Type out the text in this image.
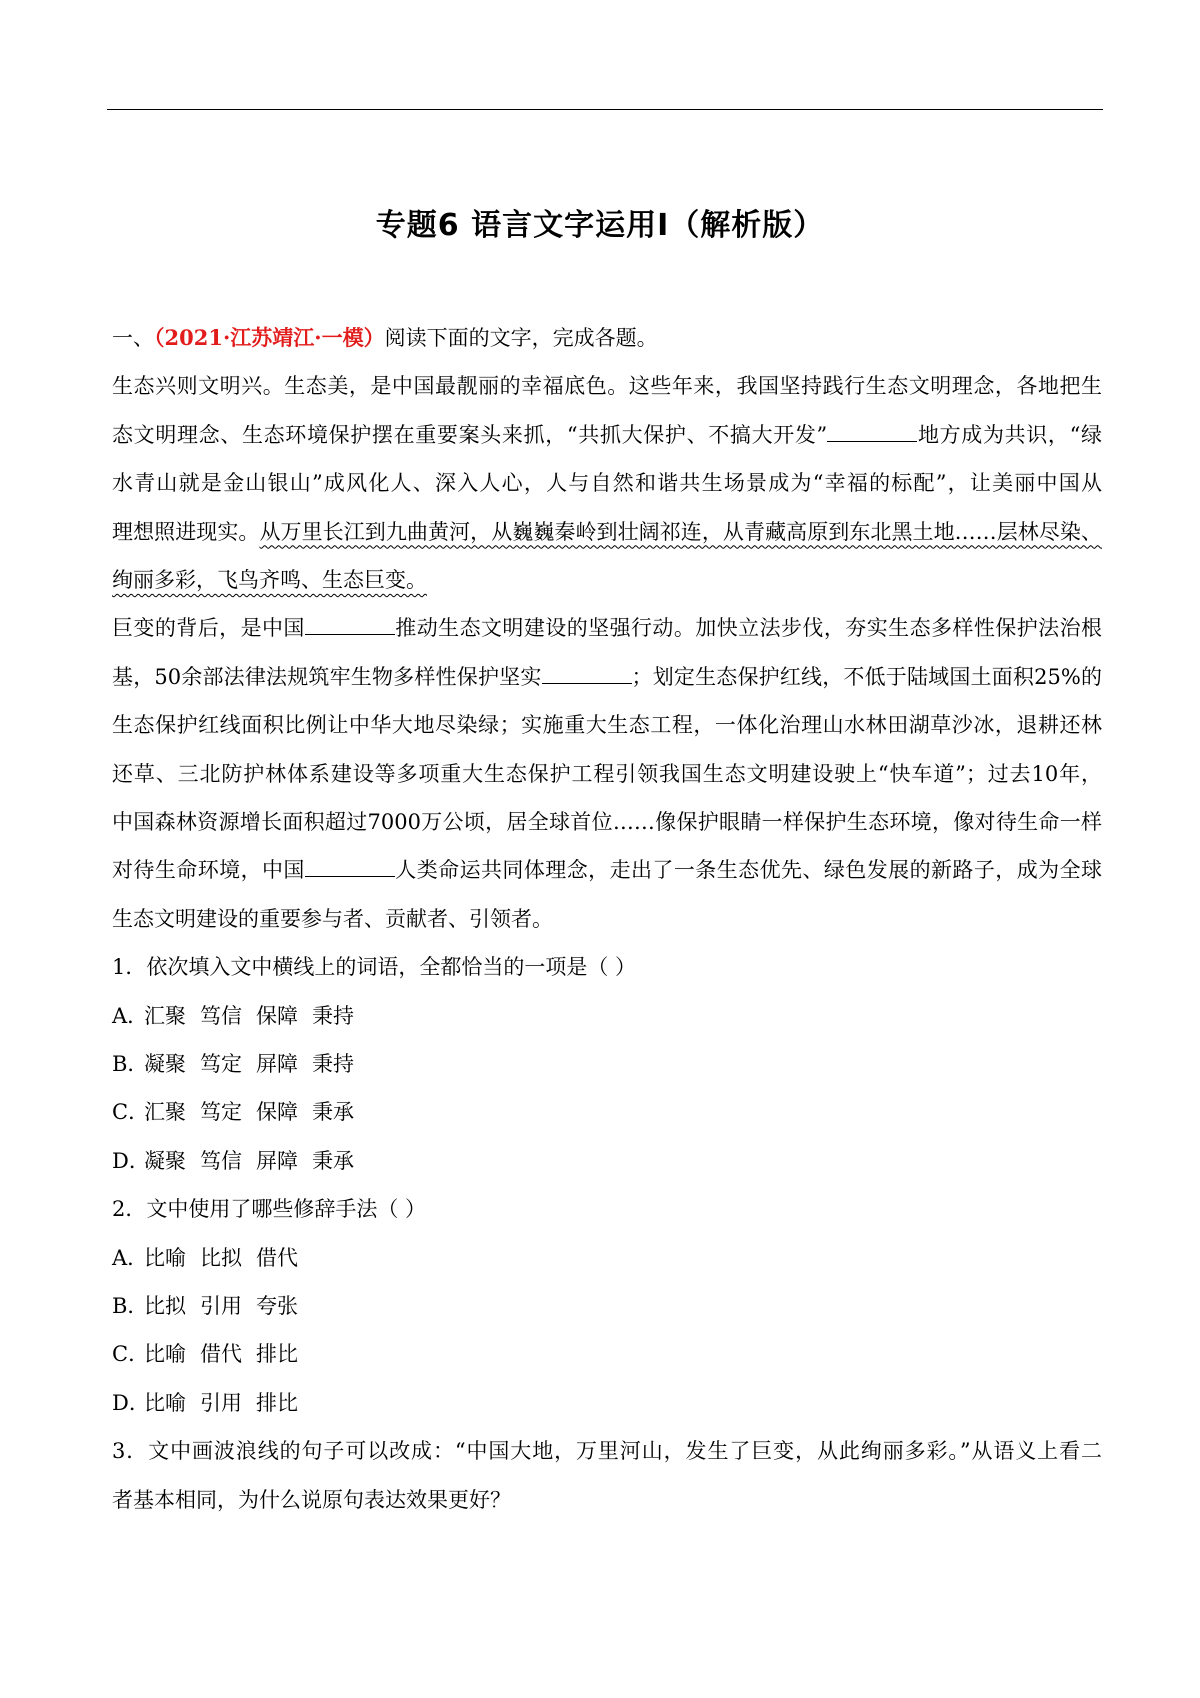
专题6 语言文字运用Ⅰ（解析版）
一、（2021·江苏靖江·一模）阅读下面的文字，完成各题。
生态兴则文明兴。生态美，是中国最靓丽的幸福底色。这些年来，我国坚持践行生态文明理念，各地把生
态文明理念、生态环境保护摆在重要案头来抓，“共抓大保护、不搞大开发”	地方成为共识，“绿
水青山就是金山银山”成风化人、深入人心，人与自然和谐共生场景成为“幸福的标配”，让美丽中国从
理想照进现实。从万里长江到九曲黄河，从巍巍秦岭到壮阔祁连，从青藏高原到东北黑土地……层林尽染、
绚丽多彩，飞鸟齐鸣、生态巨变。
巨变的背后，是中国	推动生态文明建设的坚强行动。加快立法步伐，夯实生态多样性保护法治根
基，50余部法律法规筑牢生物多样性保护坚实	；划定生态保护红线，不低于陆域国土面积25%的
生态保护红线面积比例让中华大地尽染绿；实施重大生态工程，一体化治理山水林田湖草沙冰，退耕还林
还草、三北防护林体系建设等多项重大生态保护工程引领我国生态文明建设驶上“快车道”；过去10年，
中国森林资源增长面积超过7000万公顷，居全球首位……像保护眼睛一样保护生态环境，像对待生命一样
对待生命环境，中国	人类命运共同体理念，走出了一条生态优先、绿色发展的新路子，成为全球
生态文明建设的重要参与者、贡献者、引领者。
1．依次填入文中横线上的词语，全都恰当的一项是（ ）
A．汇聚 笃信 保障 秉持
B．凝聚 笃定 屏障 秉持
C．汇聚 笃定 保障 秉承
D．凝聚 笃信 屏障 秉承
2．文中使用了哪些修辞手法（ ）
A．比喻 比拟 借代
B．比拟 引用 夸张
C．比喻 借代 排比
D．比喻 引用 排比
3．文中画波浪线的句子可以改成：“中国大地，万里河山，发生了巨变，从此绚丽多彩。”从语义上看二
者基本相同，为什么说原句表达效果更好？
